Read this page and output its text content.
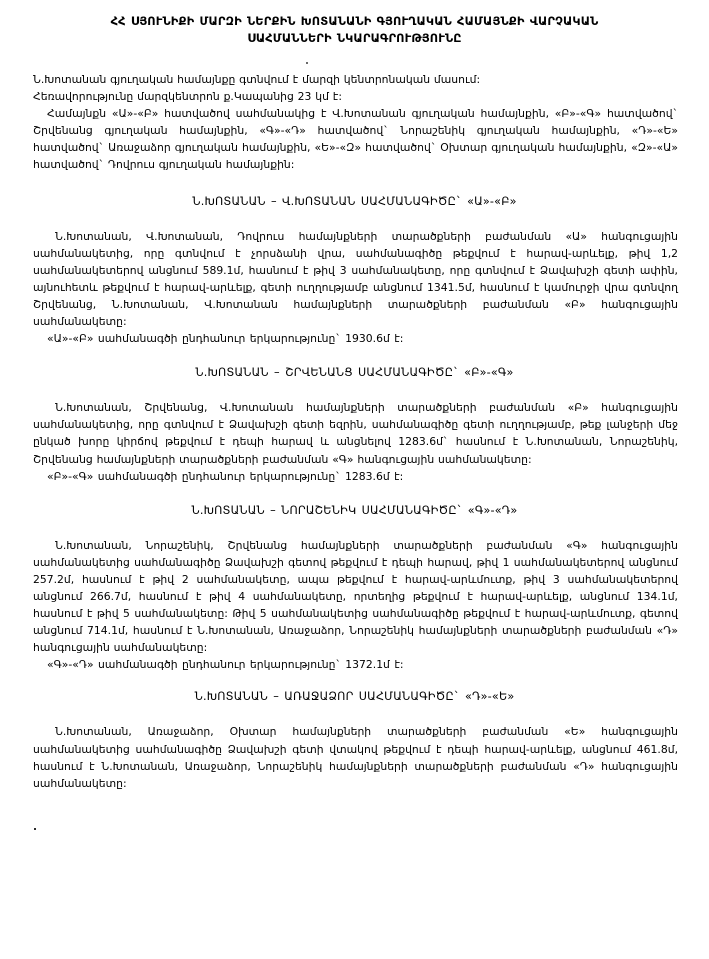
ՀՀ ՍՅՈՒՆԻՔԻ ՄԱՐԶԻ ՆԵՐՔԻՆ ԽՈՏԱՆԱՆԻ ԳՅՈՒՂԱԿԱՆ ՀԱՄԱՅՆՔԻ ՎԱՐՉԱԿԱՆ
ՍԱՀՄԱՆՆԵՐԻ ՆԿԱՐԱԳՐՈՒԹՅՈՒՆԸ

Ն.Խոտանան գյուղական համայնքը գտնվում է մարզի կենտրոնական մասում:

Հեռավորությունը մարզկենտրոն ք.Կապանից 23 կմ է:

Համայնքն «Ա»-«Բ» հատվածով սահմանակից է Վ.Խոտանան գյուղական համայնքին, «Բ»-«Գ» հատվածով` Շրվենանց գյուղական համայնքին, «Գ»-«Դ» հատվածով` Նորաշենիկ գյուղական համայնքին, «Դ»-«Ե» հատվածով` Առաջաձոր գյուղական համայնքին, «Ե»-«Զ» հատվածով` Օխտար գյուղական համայնքին, «Զ»-«Ա» հատվածով` Դովրուս գյուղական համայնքին:

Ն.ԽՈՏԱՆԱՆ – Վ.ԽՈՏԱՆԱՆ ՍԱՀՄԱՆԱԳԻԾԸ` «Ա»-«Բ»

Ն.Խոտանան, Վ.Խոտանան, Դովրուս համայնքների տարածքների բաժանման «Ա» հանգուցային սահմանակետից, որը գտնվում է չորսձանի վրա, սահմանագիծը թեքվում է հարավ-արևելք, թիվ 1,2 սահմանակետերով անցնում 589.1մ, հասնում է թիվ 3 սահմանակետը, որը գտնվում է Ձավախշի գետի ափին, այնուհետև թեքվում է հարավ-արևելք, գետի ուղղությամբ անցնում 1341.5մ, հասնում է կամուրջի վրա գտնվող Շրվենանց, Ն.Խոտանան, Վ.Խոտանան համայնքների տարածքների բաժանման «Բ» հանգուցային սահմանակետը:

«Ա»-«Բ» սահմանագծի ընդհանուր երկարությունը` 1930.6մ է:

Ն.ԽՈՏԱՆԱՆ – ՇՐՎԵՆԱՆՑ ՍԱՀՄԱՆԱԳԻԾԸ` «Բ»-«Գ»

Ն.Խոտանան, Շրվենանց, Վ.Խոտանան համայնքների տարածքների բաժանման «Բ» հանգուցային սահմանակետից, որը գտնվում է Ձավախշի գետի եզրին, սահմանագիծը գետի ուղղությամբ, թեք լանջերի մեջ ընկած խորը կիրճով թեքվում է դեպի հարավ և անցնելով 1283.6մ` հասնում է Ն.Խոտանան, Նորաշենիկ, Շրվենանց համայնքների տարածքների բաժանման «Գ» հանգուցային սահմանակետը:

«Բ»-«Գ» սահմանագծի ընդհանուր երկարությունը` 1283.6մ է:

Ն.ԽՈՏԱՆԱՆ – ՆՈՐԱՇԵՆԻԿ ՍԱՀՄԱՆԱԳԻԾԸ` «Գ»-«Դ»

Ն.Խոտանան, Նորաշենիկ, Շրվենանց համայնքների տարածքների բաժանման «Գ» հանգուցային սահմանակետից սահմանագիծը Ձավախշի գետով թեքվում է դեպի հարավ, թիվ 1 սահմանակետերով անցնում 257.2մ, հասնում է թիվ 2 սահմանակետը, ապա թեքվում է հարավ-արևմուտք, թիվ 3 սահմանակետերով անցնում 266.7մ, հասնում է թիվ 4 սահմանակետը, որտեղից թեքվում է հարավ-արևելք, անցնում 134.1մ, հասնում է թիվ 5 սահմանակետը: Թիվ 5 սահմանակետից սահմանագիծը թեքվում է հարավ-արևմուտք, գետով անցնում 714.1մ, հասնում է Ն.Խոտանան, Առաջաձոր, Նորաշենիկ համայնքների տարածքների բաժանման «Դ» հանգուցային սահմանակետը:

«Գ»-«Դ» սահմանագծի ընդհանուր երկարությունը` 1372.1մ է:

Ն.ԽՈՏԱՆԱՆ – ԱՌԱՋԱՁՈՐ ՍԱՀՄԱՆԱԳԻԾԸ` «Դ»-«Ե»

Ն.Խոտանան, Առաջաձոր, Օխտար համայնքների տարածքների բաժանման «Ե» հանգուցային սահմանակետից սահմանագիծը Ձավախշի գետի վտակով թեքվում է դեպի հարավ-արևելք, անցնում 461.8մ, հասնում է Ն.Խոտանան, Առաջաձոր, Նորաշենիկ համայնքների տարածքների բաժանման «Դ» հանգուցային սահմանակետը:
